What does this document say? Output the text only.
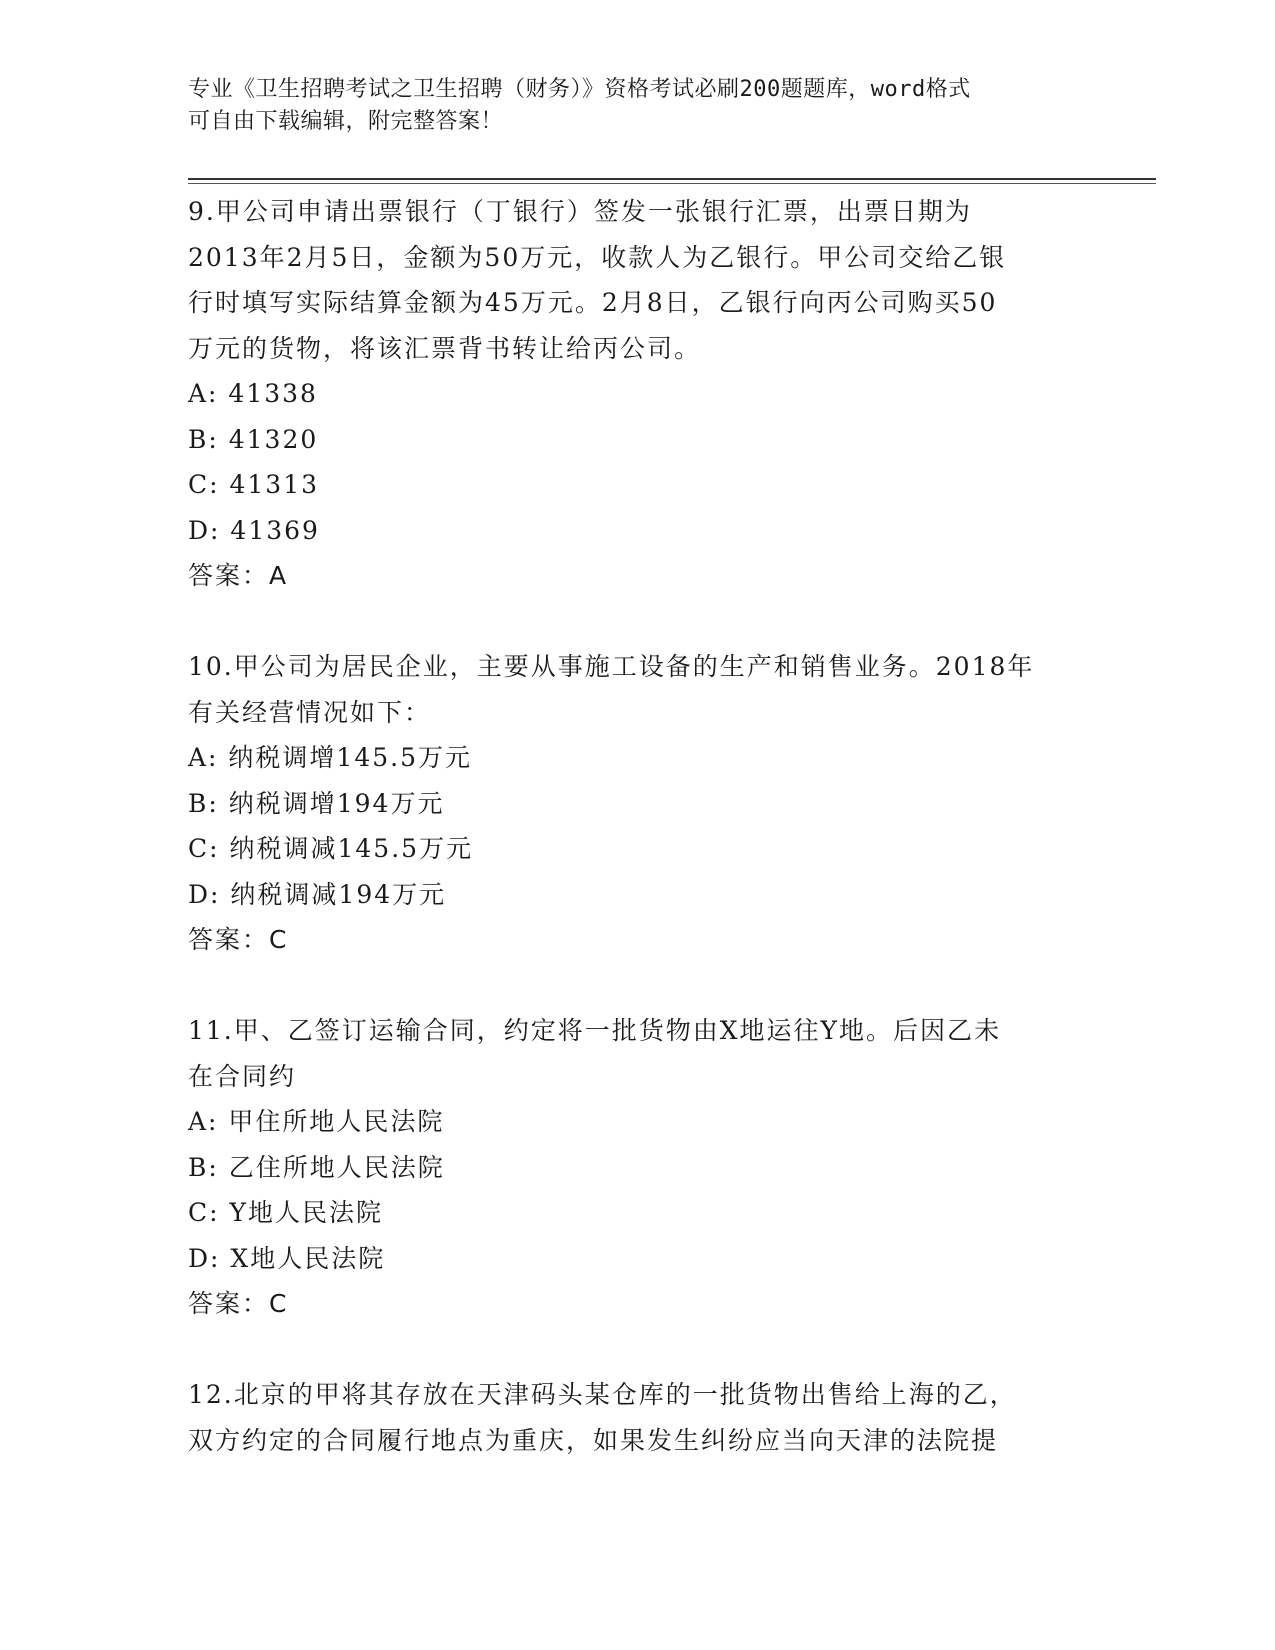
专业《卫生招聘考试之卫生招聘（财务）》资格考试必刷200题题库，word格式
可自由下载编辑，附完整答案！
9.甲公司申请出票银行（丁银行）签发一张银行汇票，出票日期为
2013年2月5日，金额为50万元，收款人为乙银行。甲公司交给乙银
行时填写实际结算金额为45万元。2月8日，乙银行向丙公司购买50
万元的货物，将该汇票背书转让给丙公司。
A: 41338
B: 41320
C: 41313
D: 41369
答案：A
10.甲公司为居民企业，主要从事施工设备的生产和销售业务。2018年
有关经营情况如下：
A: 纳税调增145.5万元
B: 纳税调增194万元
C: 纳税调减145.5万元
D: 纳税调减194万元
答案：C
11.甲、乙签订运输合同，约定将一批货物由X地运往Y地。后因乙未
在合同约
A: 甲住所地人民法院
B: 乙住所地人民法院
C: Y地人民法院
D: X地人民法院
答案：C
12.北京的甲将其存放在天津码头某仓库的一批货物出售给上海的乙，
双方约定的合同履行地点为重庆，如果发生纠纷应当向天津的法院提
